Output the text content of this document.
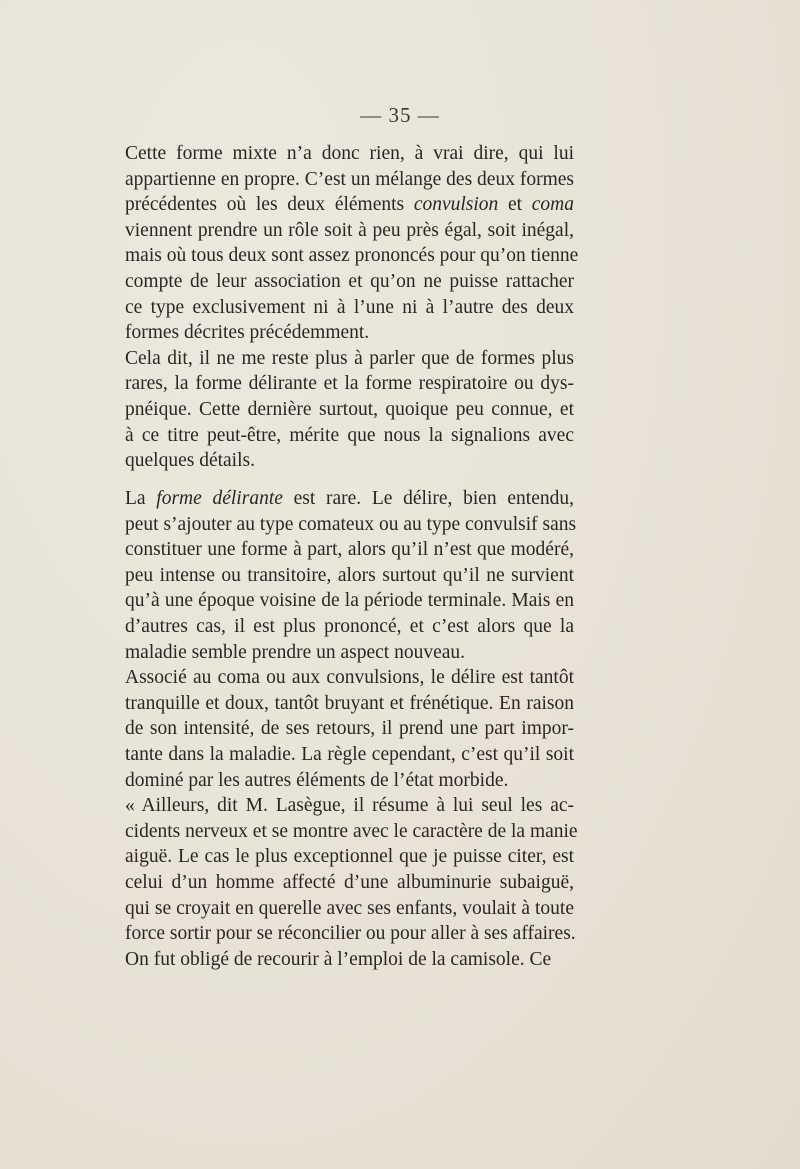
— 35 —
Cette forme mixte n’a donc rien, à vrai dire, qui lui
appartienne en propre. C’est un mélange des deux formes
précédentes où les deux éléments convulsion et coma
viennent prendre un rôle soit à peu près égal, soit inégal,
mais où tous deux sont assez prononcés pour qu’on tienne
compte de leur association et qu’on ne puisse rattacher
ce type exclusivement ni à l’une ni à l’autre des deux
formes décrites précédemment.
Cela dit, il ne me reste plus à parler que de formes plus
rares, la forme délirante et la forme respiratoire ou dys-
pnéique. Cette dernière surtout, quoique peu connue, et
à ce titre peut-être, mérite que nous la signalions avec
quelques détails.
La forme délirante est rare. Le délire, bien entendu,
peut s’ajouter au type comateux ou au type convulsif sans
constituer une forme à part, alors qu’il n’est que modéré,
peu intense ou transitoire, alors surtout qu’il ne survient
qu’à une époque voisine de la période terminale. Mais en
d’autres cas, il est plus prononcé, et c’est alors que la
maladie semble prendre un aspect nouveau.
Associé au coma ou aux convulsions, le délire est tantôt
tranquille et doux, tantôt bruyant et frénétique. En raison
de son intensité, de ses retours, il prend une part impor-
tante dans la maladie. La règle cependant, c’est qu’il soit
dominé par les autres éléments de l’état morbide.
« Ailleurs, dit M. Lasègue, il résume à lui seul les ac-
cidents nerveux et se montre avec le caractère de la manie
aiguë. Le cas le plus exceptionnel que je puisse citer, est
celui d’un homme affecté d’une albuminurie subaiguë,
qui se croyait en querelle avec ses enfants, voulait à toute
force sortir pour se réconcilier ou pour aller à ses affaires.
On fut obligé de recourir à l’emploi de la camisole. Ce
